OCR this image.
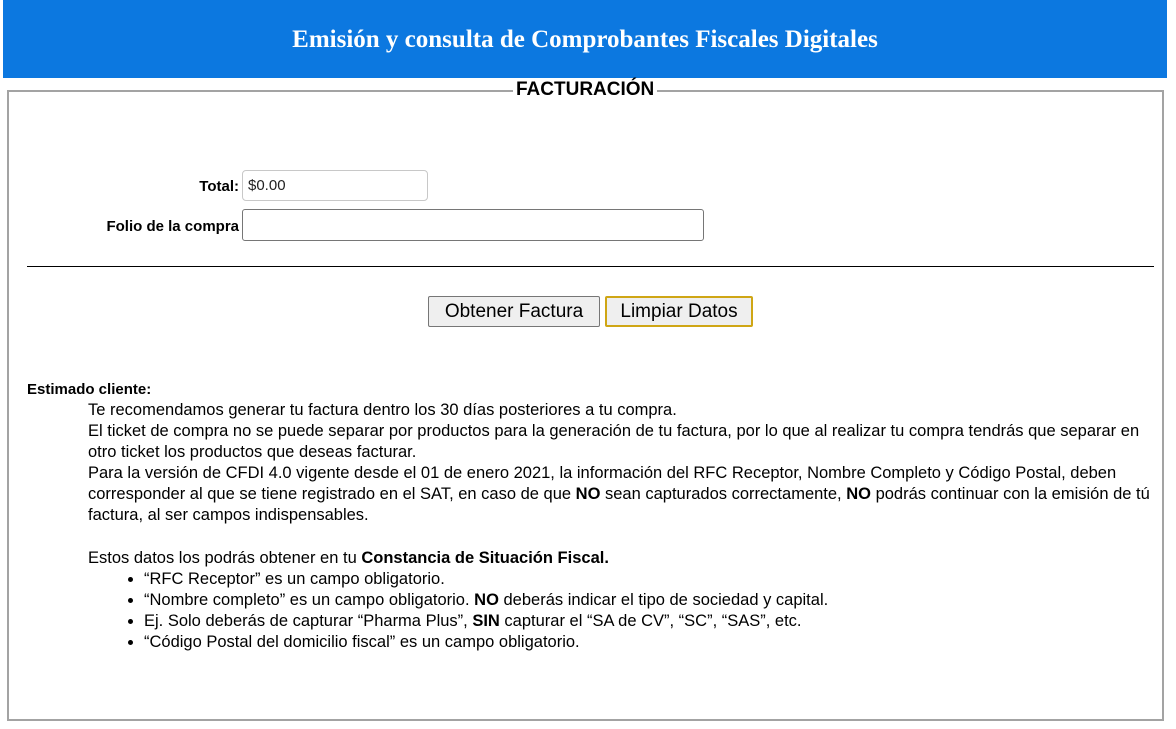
Emisión y consulta de Comprobantes Fiscales Digitales
FACTURACIÓN
Total:
$0.00
Folio de la compra
Obtener Factura	Limpiar Datos
Estimado cliente:

Te recomendamos generar tu factura dentro los 30 días posteriores a tu compra.

El ticket de compra no se puede separar por productos para la generación de tu factura, por lo que al realizar tu compra tendrás que separar en otro ticket los productos que deseas facturar.

Para la versión de CFDI 4.0 vigente desde el 01 de enero 2021, la información del RFC Receptor, Nombre Completo y Código Postal, deben corresponder al que se tiene registrado en el SAT, en caso de que NO sean capturados correctamente, NO podrás continuar con la emisión de tú factura, al ser campos indispensables.

Estos datos los podrás obtener en tu Constancia de Situación Fiscal.

• “RFC Receptor” es un campo obligatorio.
• “Nombre completo” es un campo obligatorio. NO deberás indicar el tipo de sociedad y capital.
• Ej. Solo deberás de capturar “Pharma Plus”, SIN capturar el “SA de CV”, “SC”, “SAS”, etc.
• “Código Postal del domicilio fiscal” es un campo obligatorio.
